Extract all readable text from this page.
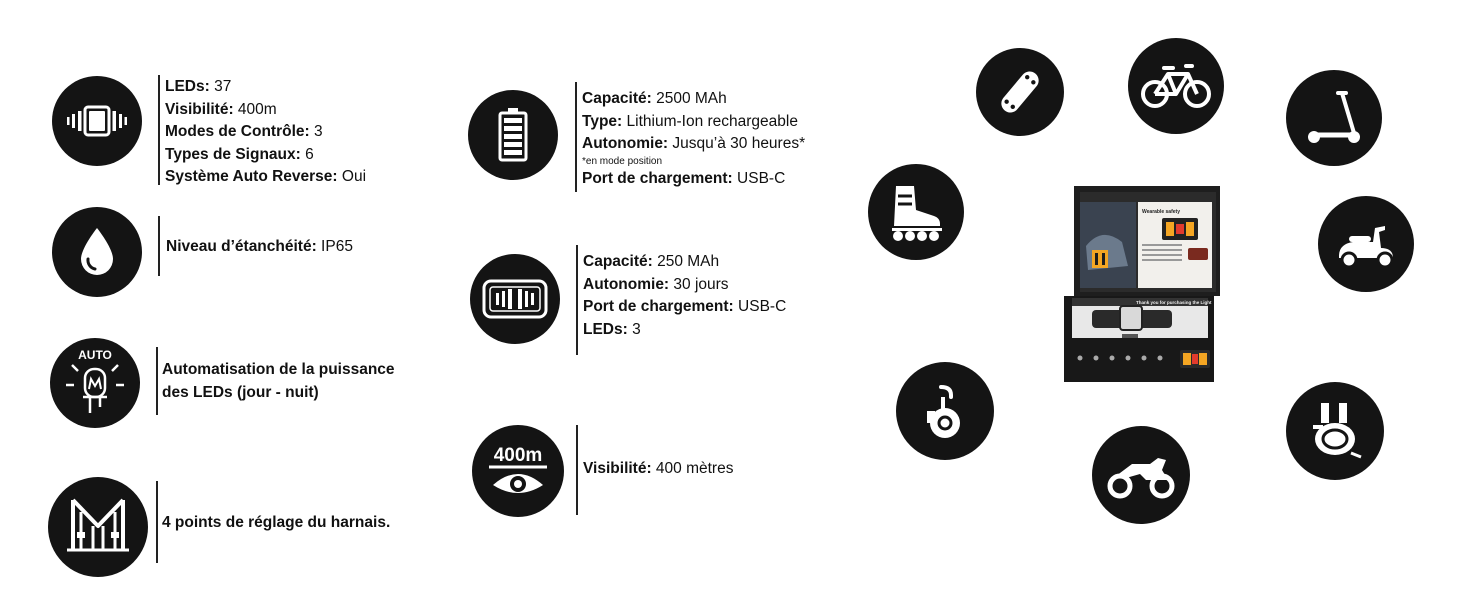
LEDs: 37
Visibilité: 400m
Modes de Contrôle: 3
Types de Signaux: 6
Système Auto Reverse: Oui
Niveau d’étanchéité: IP65
AUTO
Automatisation de la puissance
des LEDs (jour - nuit)
4 points de réglage du harnais.
Capacité: 2500 MAh
Type: Lithium-Ion rechargeable
Autonomie: Jusqu’à 30 heures*
*en mode position
Port de chargement: USB-C
Capacité: 250 MAh
Autonomie: 30 jours
Port de chargement: USB-C
LEDs: 3
400m
Visibilité: 400 mètres
Wearable safety
Thank you for purchasing the Light
